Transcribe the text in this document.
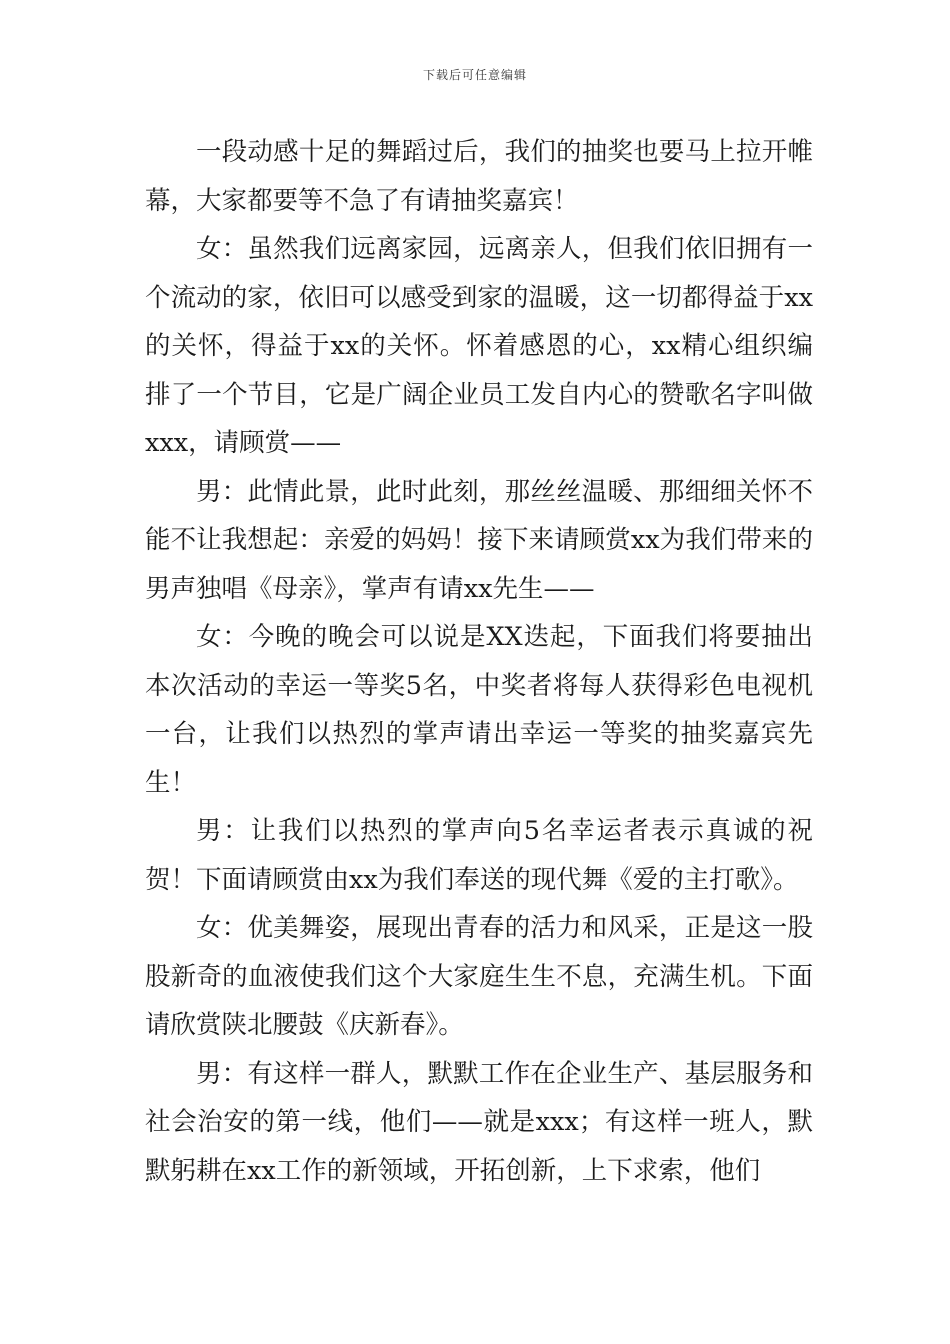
下载后可任意编辑

一段动感十足的舞蹈过后，我们的抽奖也要马上拉开帷幕，大家都要等不急了有请抽奖嘉宾！

女：虽然我们远离家园，远离亲人，但我们依旧拥有一个流动的家，依旧可以感受到家的温暖，这一切都得益于xx的关怀，得益于xx的关怀。怀着感恩的心，xx精心组织编排了一个节目，它是广阔企业员工发自内心的赞歌名字叫做xxx，请顾赏——

男：此情此景，此时此刻，那丝丝温暖、那细细关怀不能不让我想起：亲爱的妈妈！接下来请顾赏xx为我们带来的男声独唱《母亲》，掌声有请xx先生——

女：今晚的晚会可以说是XX迭起，下面我们将要抽出本次活动的幸运一等奖5名，中奖者将每人获得彩色电视机一台，让我们以热烈的掌声请出幸运一等奖的抽奖嘉宾先生！

男：让我们以热烈的掌声向5名幸运者表示真诚的祝贺！下面请顾赏由xx为我们奉送的现代舞《爱的主打歌》。

女：优美舞姿，展现出青春的活力和风采，正是这一股股新奇的血液使我们这个大家庭生生不息，充满生机。下面请欣赏陕北腰鼓《庆新春》。

男：有这样一群人，默默工作在企业生产、基层服务和社会治安的第一线，他们——就是xxx；有这样一班人，默默躬耕在xx工作的新领域，开拓创新，上下求索，他们
